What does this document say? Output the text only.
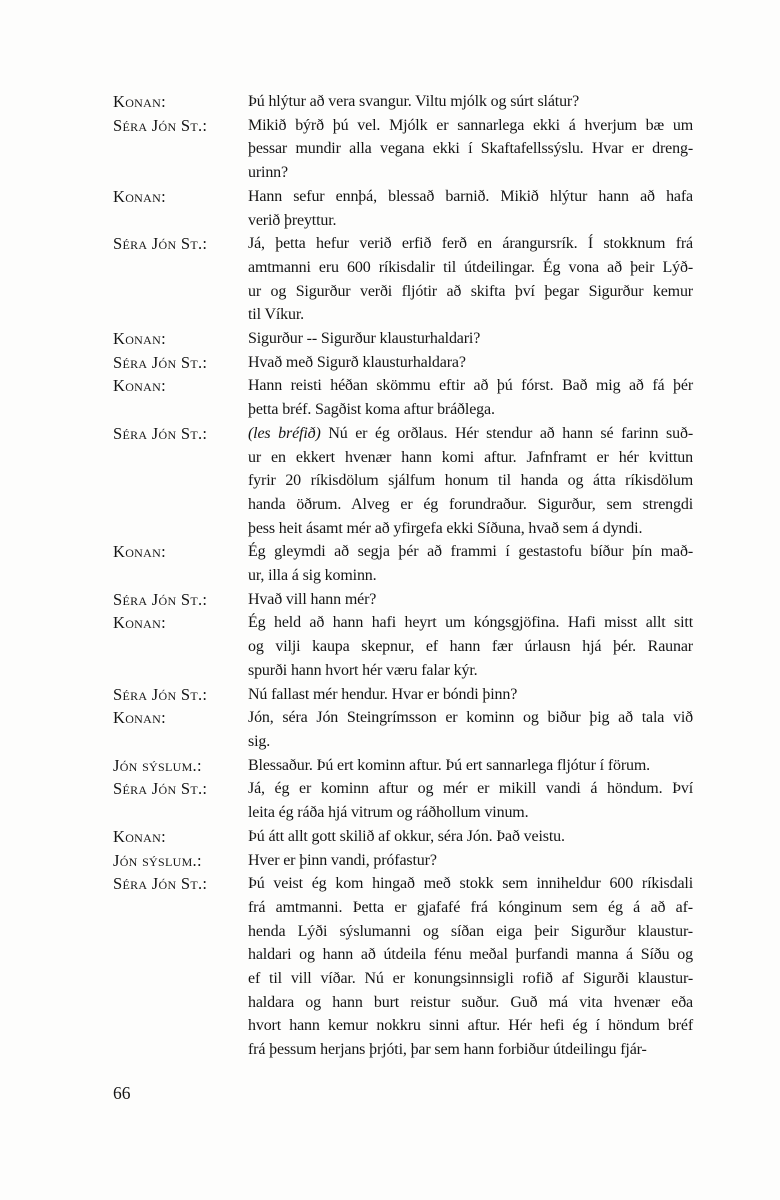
Konan:	Þú hlýtur að vera svangur. Viltu mjólk og súrt slátur?
Séra Jón St.:	Mikið býrð þú vel. Mjólk er sannarlega ekki á hverjum bæ um
þessar mundir alla vegana ekki í Skaftafellssýslu. Hvar er dreng-
urinn?
Konan:	Hann sefur ennþá, blessað barnið. Mikið hlýtur hann að hafa
verið þreyttur.
Séra Jón St.:	Já, þetta hefur verið erfið ferð en árangursrík. Í stokknum frá
amtmanni eru 600 ríkisdalir til útdeilingar. Ég vona að þeir Lýð-
ur og Sigurður verði fljótir að skifta því þegar Sigurður kemur
til Víkur.
Konan:	Sigurður -- Sigurður klausturhaldari?
Séra Jón St.:	Hvað með Sigurð klausturhaldara?
Konan:	Hann reisti héðan skömmu eftir að þú fórst. Bað mig að fá þér
þetta bréf. Sagðist koma aftur bráðlega.
Séra Jón St.:	(les bréfið) Nú er ég orðlaus. Hér stendur að hann sé farinn suð-
ur en ekkert hvenær hann komi aftur. Jafnframt er hér kvittun
fyrir 20 ríkisdölum sjálfum honum til handa og átta ríkisdölum
handa öðrum. Alveg er ég forundraður. Sigurður, sem strengdi
þess heit ásamt mér að yfirgefa ekki Síðuna, hvað sem á dyndi.
Konan:	Ég gleymdi að segja þér að frammi í gestastofu bíður þín mað-
ur, illa á sig kominn.
Séra Jón St.:	Hvað vill hann mér?
Konan:	Ég held að hann hafi heyrt um kóngsgjöfina. Hafi misst allt sitt
og vilji kaupa skepnur, ef hann fær úrlausn hjá þér. Raunar
spurði hann hvort hér væru falar kýr.
Séra Jón St.:	Nú fallast mér hendur. Hvar er bóndi þinn?
Konan:	Jón, séra Jón Steingrímsson er kominn og biður þig að tala við
sig.
Jón sýslum.:	Blessaður. Þú ert kominn aftur. Þú ert sannarlega fljótur í förum.
Séra Jón St.:	Já, ég er kominn aftur og mér er mikill vandi á höndum. Því
leita ég ráða hjá vitrum og ráðhollum vinum.
Konan:	Þú átt allt gott skilið af okkur, séra Jón. Það veistu.
Jón sýslum.:	Hver er þinn vandi, prófastur?
Séra Jón St.:	Þú veist ég kom hingað með stokk sem inniheldur 600 ríkisdali
frá amtmanni. Þetta er gjafafé frá kónginum sem ég á að af-
henda Lýði sýslumanni og síðan eiga þeir Sigurður klaustur-
haldari og hann að útdeila fénu meðal þurfandi manna á Síðu og
ef til vill víðar. Nú er konungsinnsigli rofið af Sigurði klaustur-
haldara og hann burt reistur suður. Guð má vita hvenær eða
hvort hann kemur nokkru sinni aftur. Hér hefi ég í höndum bréf
frá þessum herjans þrjóti, þar sem hann forbiður útdeilingu fjár-
66
